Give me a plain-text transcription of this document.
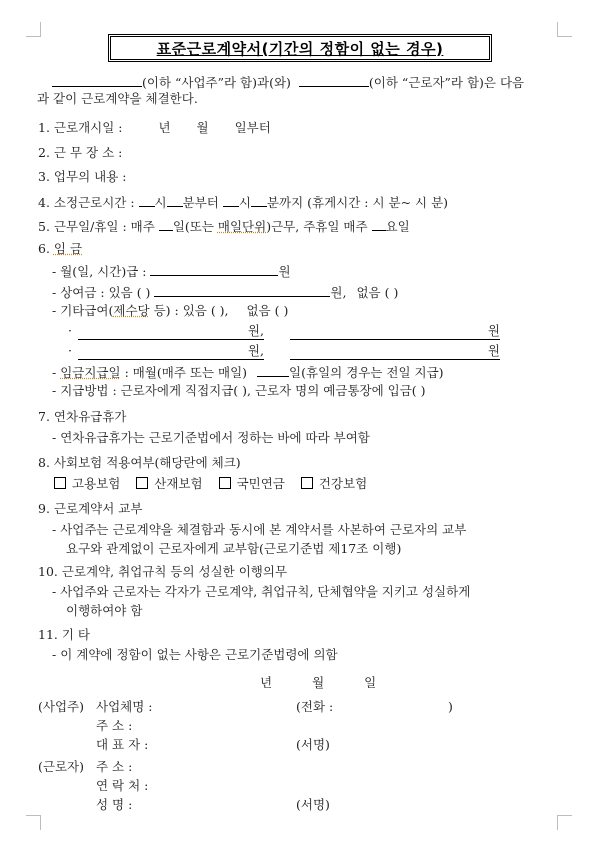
표준근로계약서(기간의 정함이 없는 경우)
(이하 “사업주”라 함)과(와)	(이하 “근로자”라 함)은 다음
과 같이 근로계약을 체결한다.
1. 근로개시일 :	년 월 일부터
2. 근 무 장 소 :
3. 업무의 내용 :
4. 소정근로시간 : 시 분부터 시 분까지 (휴게시간 : 시 분~ 시 분)
5. 근무일/휴일 : 매주 일(또는 매일단위)근무, 주휴일 매주 요일
6. 임 금
- 월(일, 시간)급 :	원
- 상여금 : 있음 ( )	원, 없음 ( )
- 기타급여(제수당 등) : 있음 ( ), 없음 ( )
·	원,	원
·	원,	원
- 임금지급일 : 매월(매주 또는 매일)	일(휴일의 경우는 전일 지급)
- 지급방법 : 근로자에게 직접지급( ), 근로자 명의 예금통장에 입금( )
7. 연차유급휴가
- 연차유급휴가는 근로기준법에서 정하는 바에 따라 부여함
8. 사회보험 적용여부(해당란에 체크)
고용보험	산재보험	국민연금	건강보험
9. 근로계약서 교부
- 사업주는 근로계약을 체결함과 동시에 본 계약서를 사본하여 근로자의 교부
요구와 관계없이 근로자에게 교부함(근로기준법 제17조 이행)
10. 근로계약, 취업규칙 등의 성실한 이행의무
- 사업주와 근로자는 각자가 근로계약, 취업규칙, 단체협약을 지키고 성실하게
이행하여야 함
11. 기 타
- 이 계약에 정함이 없는 사항은 근로기준법령에 의함
년	월	일
(사업주) 사업체명 :	(전화 :	)
주 소 :
대 표 자 :	(서명)
(근로자) 주 소 :
연 락 처 :
성 명 :	(서명)
